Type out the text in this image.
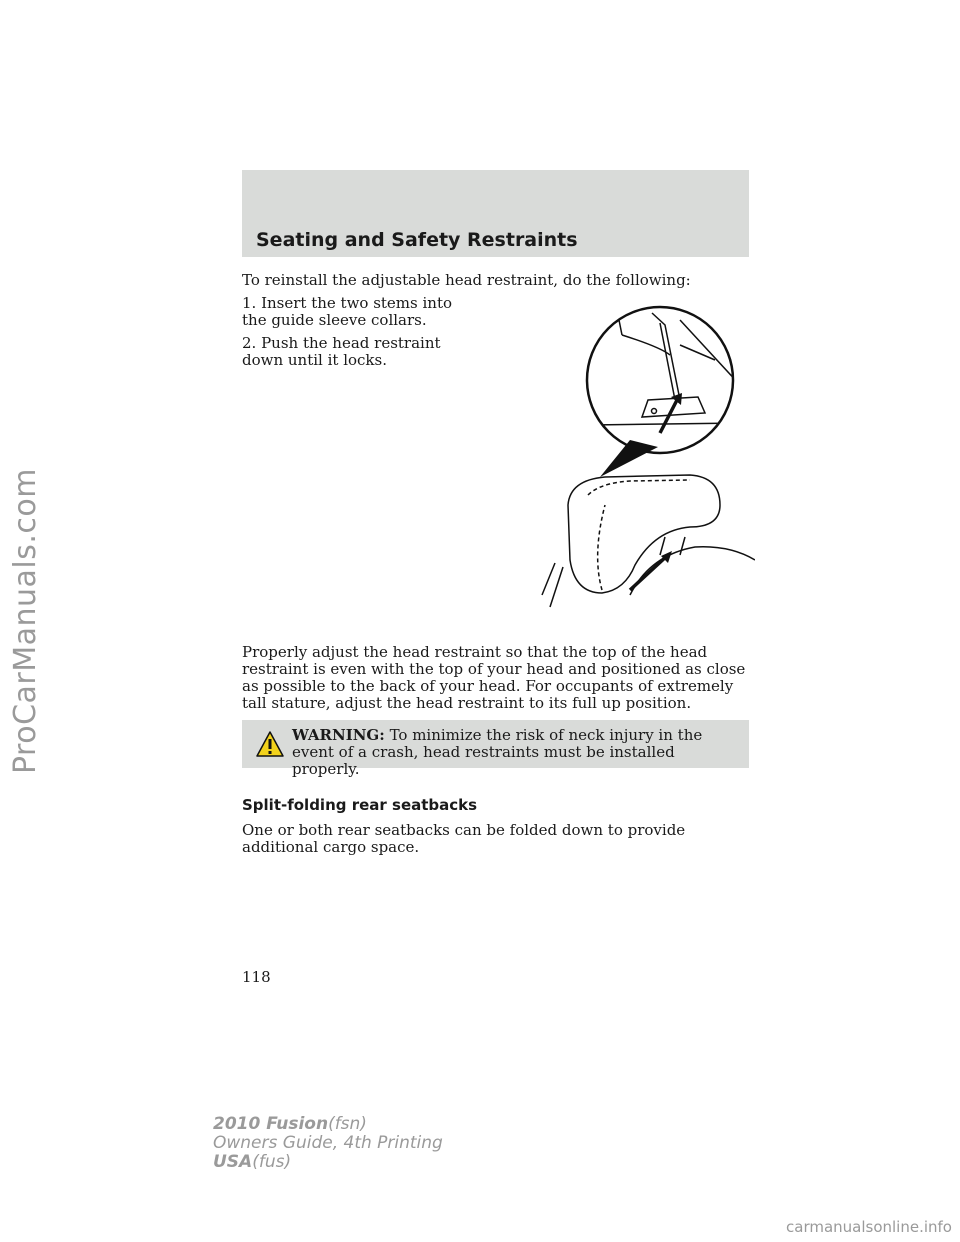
ProCarManuals.com
Seating and Safety Restraints

To reinstall the adjustable head restraint, do the following:

1. Insert the two stems into the guide sleeve collars.

2. Push the head restraint down until it locks.

Properly adjust the head restraint so that the top of the head restraint is even with the top of your head and positioned as close as possible to the back of your head. For occupants of extremely tall stature, adjust the head restraint to its full up position.

WARNING: To minimize the risk of neck injury in the event of a crash, head restraints must be installed properly.
Split-folding rear seatbacks

One or both rear seatbacks can be folded down to provide additional cargo space.

118
2010 Fusion(fsn)
Owners Guide, 4th Printing
USA(fus)
carmanualsonline.info
